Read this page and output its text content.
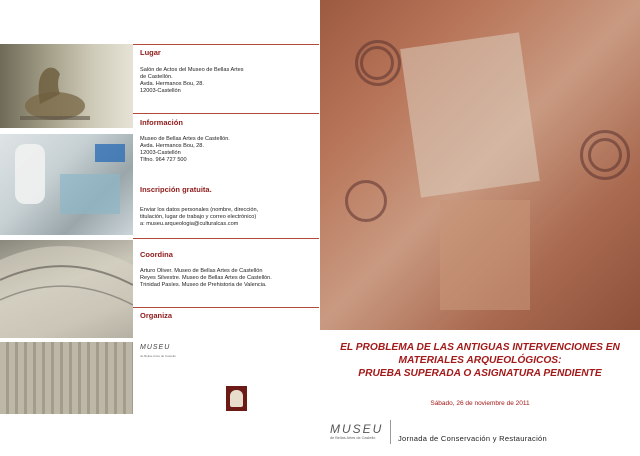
Lugar
Salón de Actos del Museo de Bellas Artes
de Castellón.
Avda. Hermanos Bou, 28.
12003-Castellón
Información
Museo de Bellas Artes de Castellón.
Avda. Hermanos Bou, 28.
12003-Castellón
Tlfno. 964 727 500
Inscripción gratuita.
Enviar los datos personales (nombre, dirección,
titulación, lugar de trabajo y correo electrónico)
a: museu.arqueologia@culturalcas.com
Coordina
Arturo Oliver. Museo de Bellas Artes de Castellón
Reyes Silvestre. Museo de Bellas Artes de Castellón.
Trinidad Pasíes. Museo de Prehistoria de Valencia.
Organiza
MUSEU
de Bellas Artes de Castelló
EL PROBLEMA DE LAS ANTIGUAS INTERVENCIONES EN
MATERIALES ARQUEOLÓGICOS:
PRUEBA SUPERADA O ASIGNATURA PENDIENTE
Sábado, 26 de noviembre de 2011
MUSEU
de Bellas Artes de Castelló	Jornada de Conservación y Restauración
